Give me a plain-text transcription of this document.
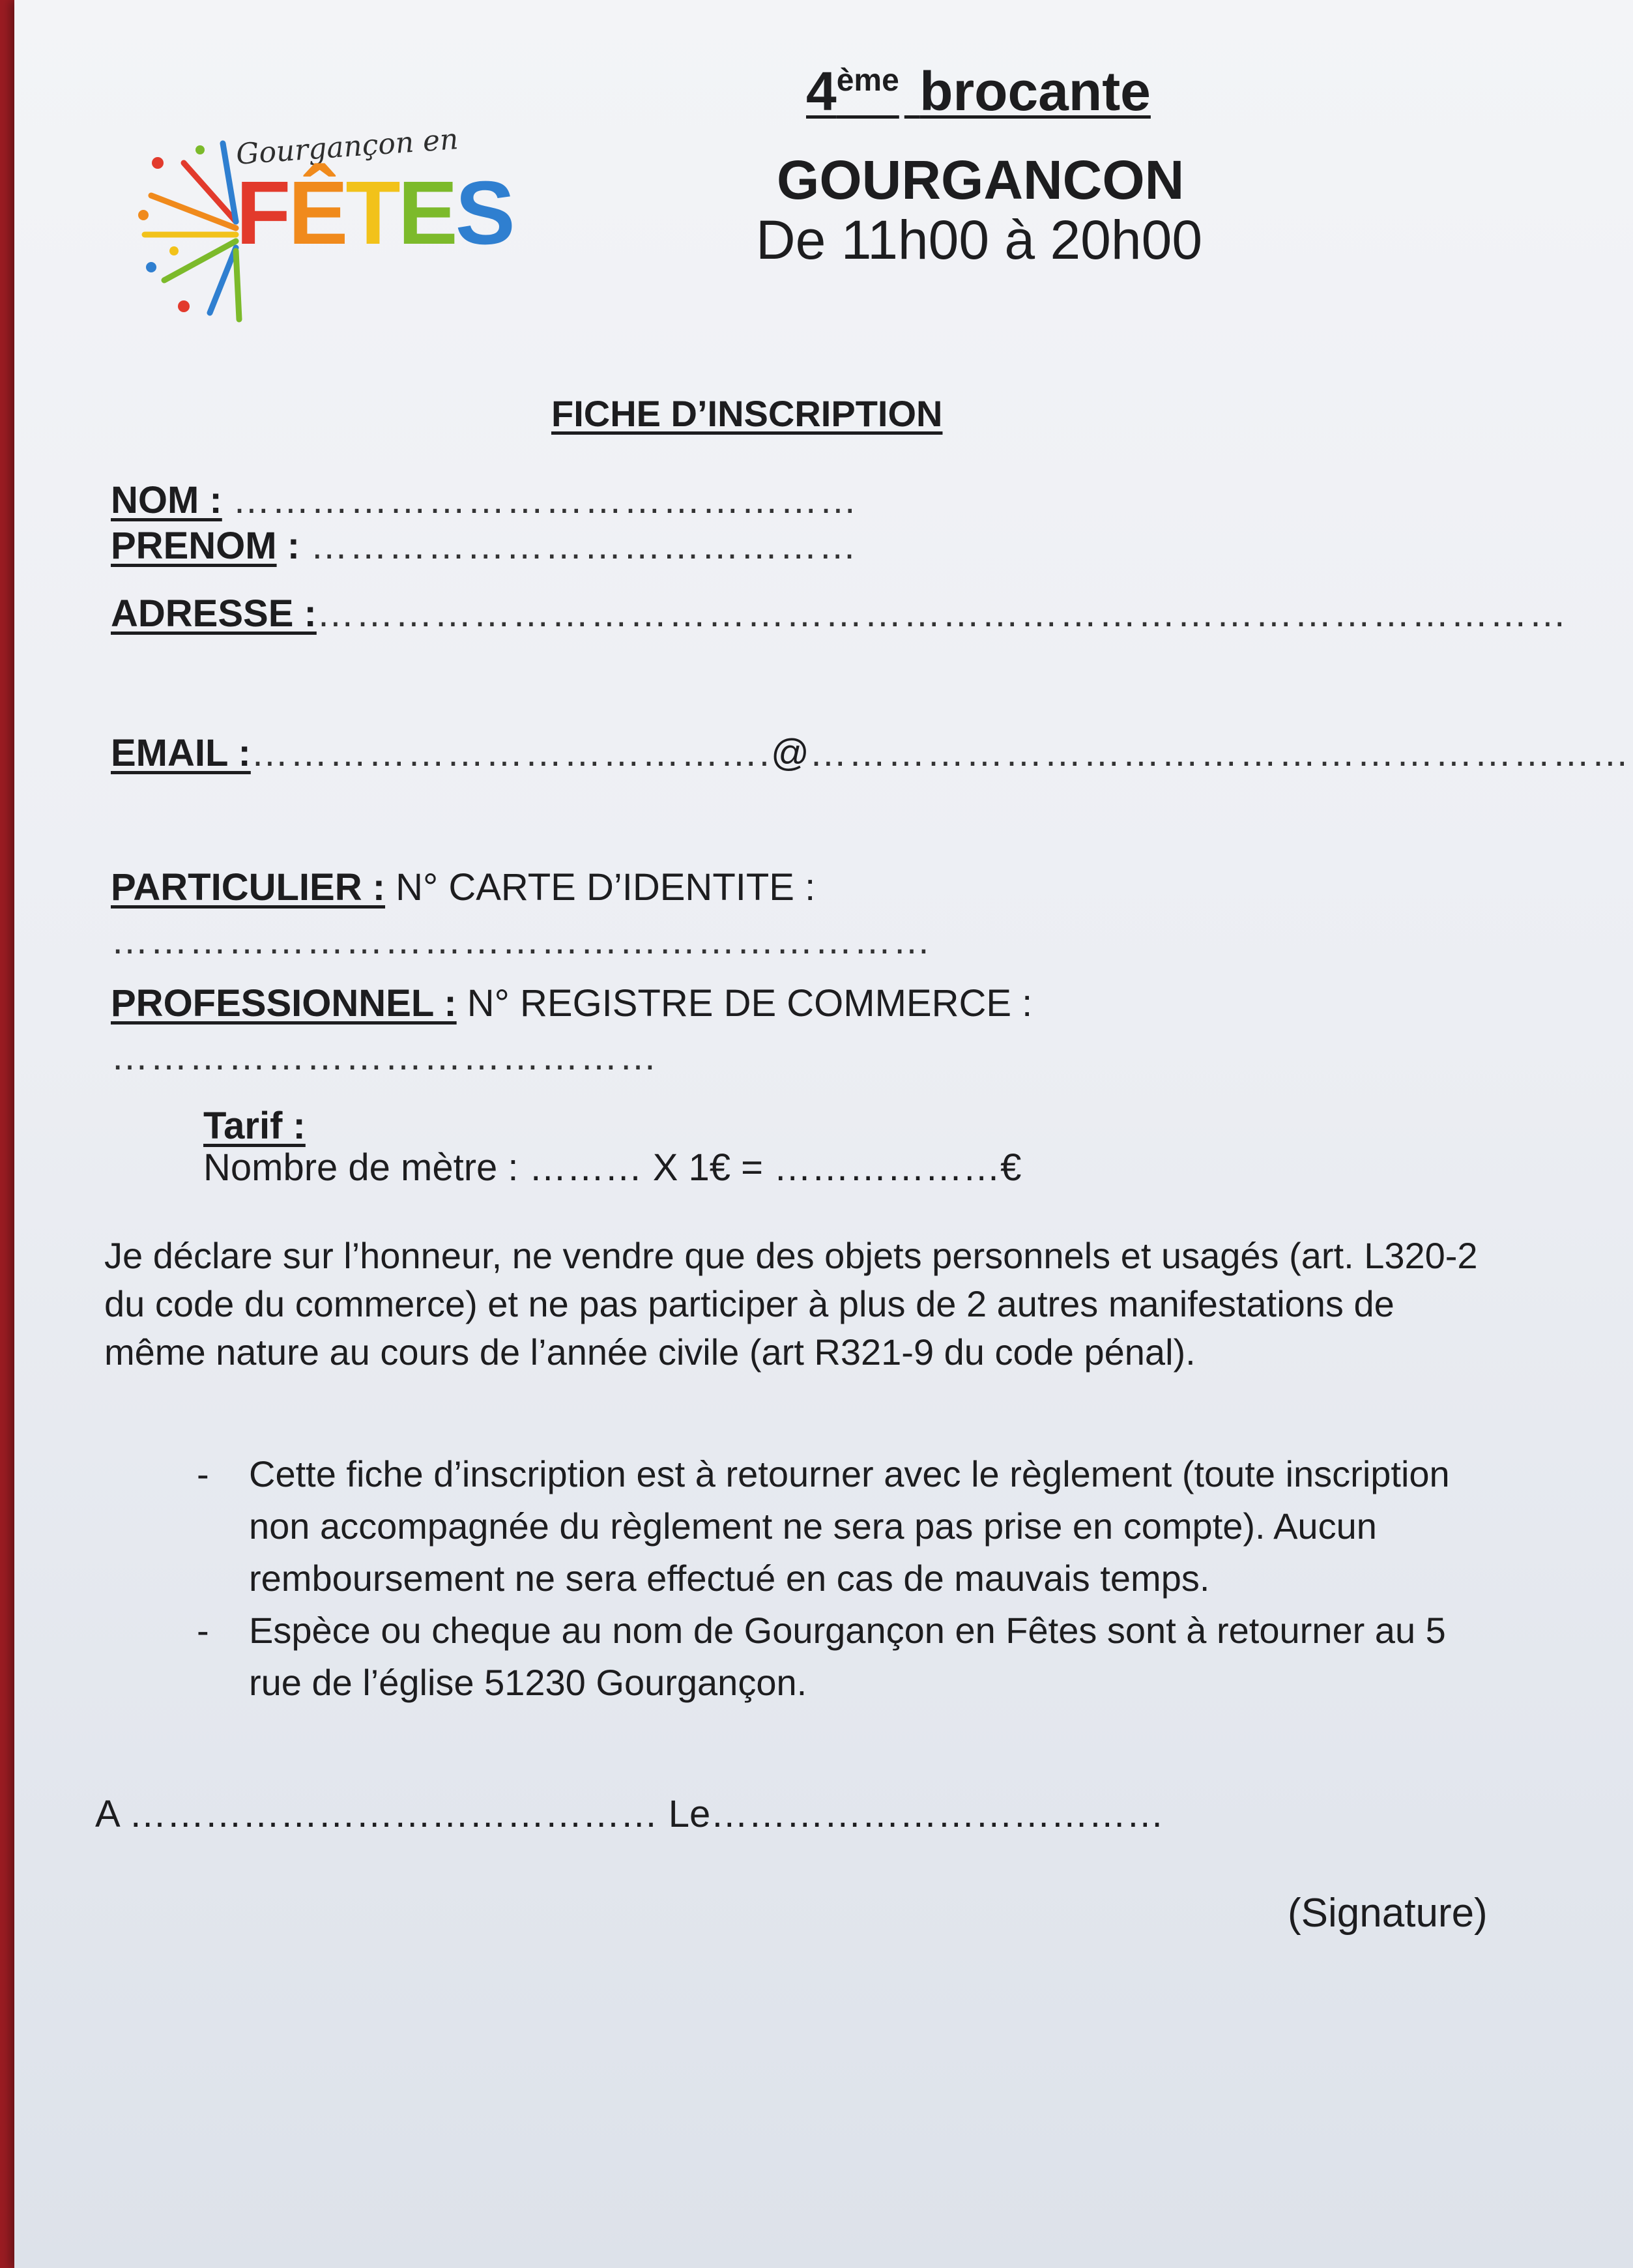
Gourgançon en
FÊTES
4ème brocante
GOURGANCON
De 11h00 à 20h00
FICHE D’INSCRIPTION
NOM : …………………………………………
PRENOM : ……………………………………
ADRESSE :……………………………………………………………………………………
EMAIL :………………………………….@………………………………………………………
PARTICULIER : N° CARTE D’IDENTITE :
………………………………………………………
PROFESSIONNEL : N° REGISTRE DE COMMERCE :
……………………………………
Tarif :
Nombre de mètre : ……… X 1€ = ………………€
Je déclare sur l’honneur, ne vendre que des objets personnels et usagés (art. L320-2 du code du commerce) et ne pas participer à plus de 2 autres manifestations de même nature au cours de l’année civile (art R321-9 du code pénal).
- Cette fiche d’inscription est à retourner avec le règlement (toute inscription non accompagnée du règlement ne sera pas prise en compte). Aucun remboursement ne sera effectué en cas de mauvais temps.
- Espèce ou cheque au nom de Gourgançon en Fêtes sont à retourner au 5 rue de l’église 51230 Gourgançon.
A …………………………………… Le………………………………
(Signature)
